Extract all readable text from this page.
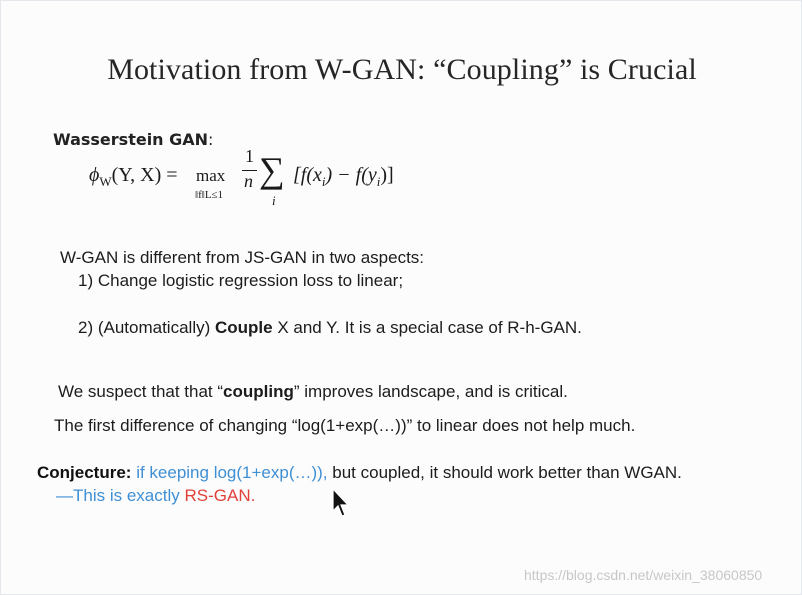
Motivation from W-GAN: “Coupling” is Crucial
Wasserstein GAN:
$\phi_W(Y$, X) = max
‖f‖L≤1
1
n ∑
i
$[f(x_i) - f(y_i)]$
W-GAN is different from JS-GAN in two aspects:
1) Change logistic regression loss to linear;
2) (Automatically) Couple X and Y. It is a special case of R-h-GAN.
We suspect that that “coupling” improves landscape, and is critical.
The first difference of changing “log(1+exp(…))” to linear does not help much.
Conjecture: if keeping log(1+exp(…)), but coupled, it should work better than WGAN.
—This is exactly RS-GAN.
https://blog.csdn.net/weixin_38060850
